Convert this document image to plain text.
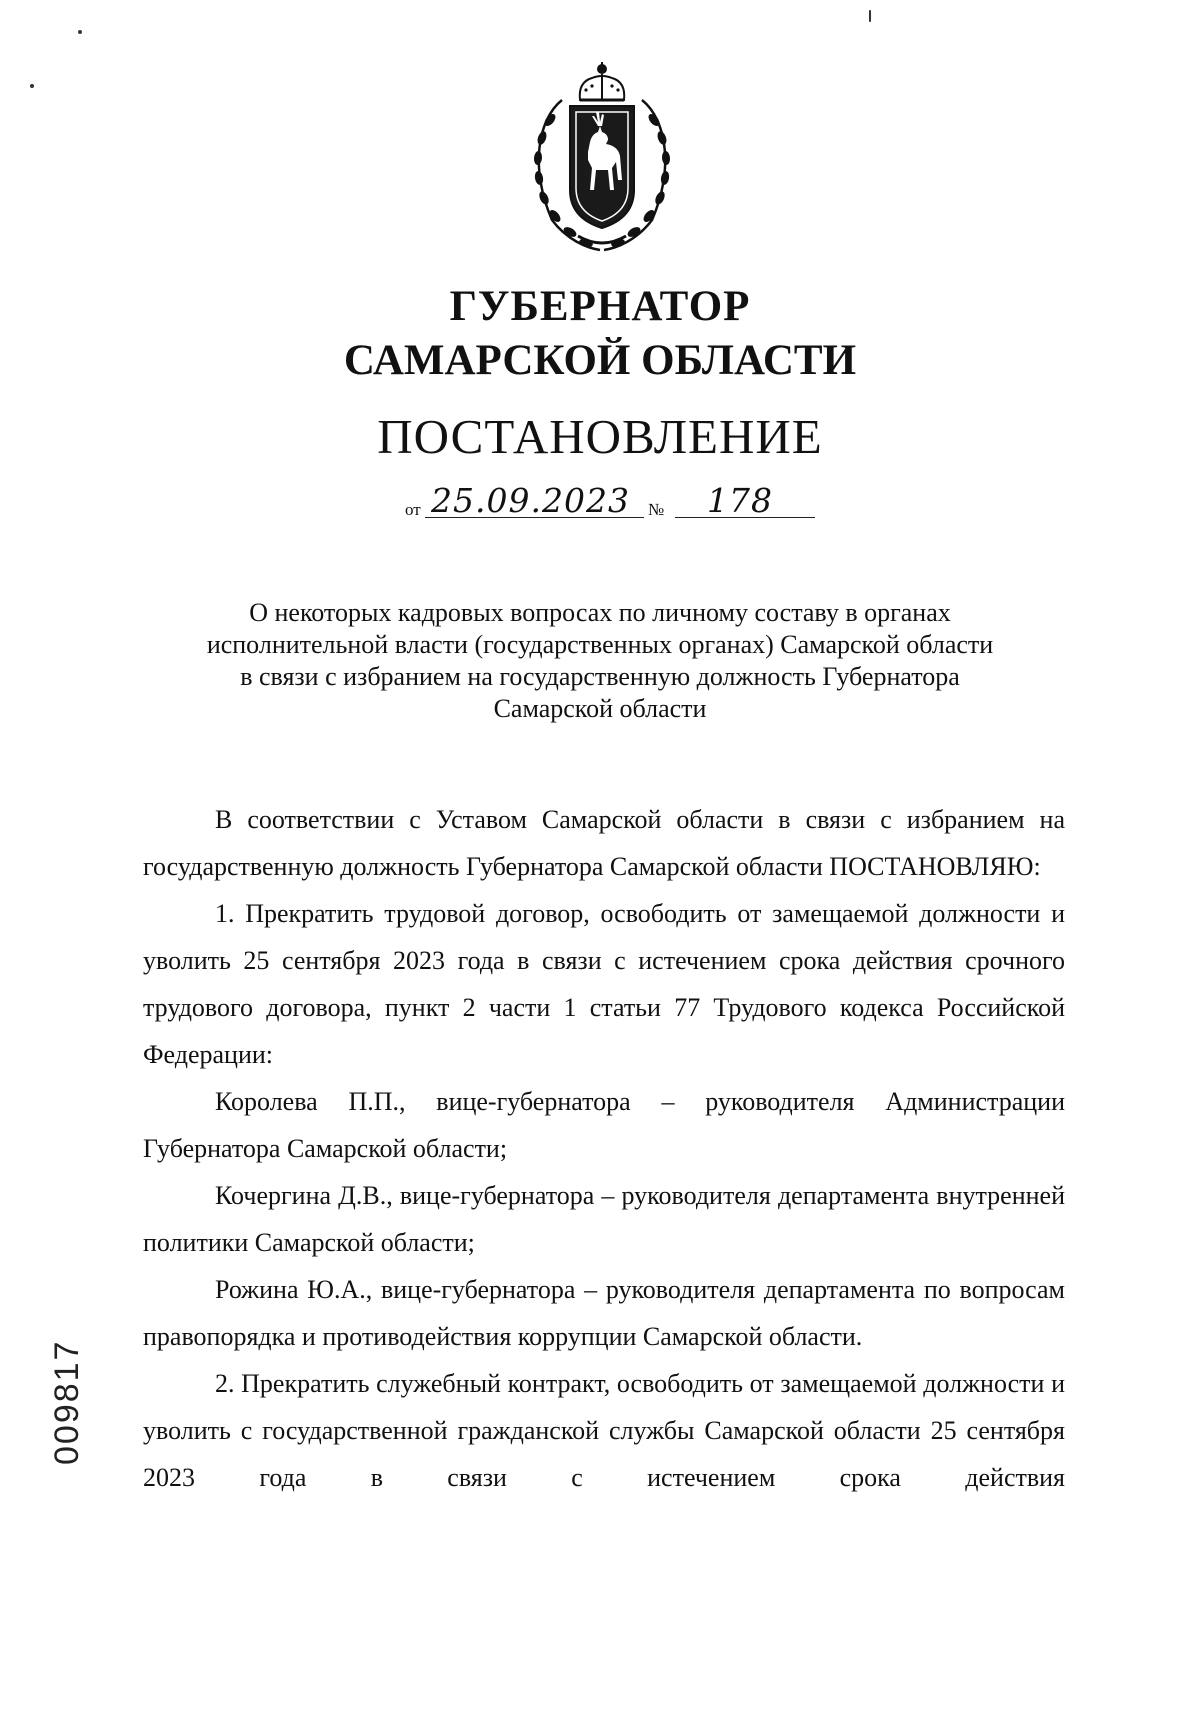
ГУБЕРНАТОР
САМАРСКОЙ ОБЛАСТИ
ПОСТАНОВЛЕНИЕ
от 25.09.2023 № 178
О некоторых кадровых вопросах по личному составу в органах
исполнительной власти (государственных органах) Самарской области
в связи с избранием на государственную должность Губернатора
Самарской области

В соответствии с Уставом Самарской области в связи с избранием на государственную должность Губернатора Самарской области ПОСТАНОВЛЯЮ:

1. Прекратить трудовой договор, освободить от замещаемой должности и уволить 25 сентября 2023 года в связи с истечением срока действия срочного трудового договора, пункт 2 части 1 статьи 77 Трудового кодекса Российской Федерации:

Королева П.П., вице-губернатора – руководителя Администрации Губернатора Самарской области;

Кочергина Д.В., вице-губернатора – руководителя департамента внутренней политики Самарской области;

Рожина Ю.А., вице-губернатора – руководителя департамента по вопросам правопорядка и противодействия коррупции Самарской области.

2. Прекратить служебный контракт, освободить от замещаемой должности и уволить с государственной гражданской службы Самарской области 25 сентября 2023 года в связи с истечением срока действия

009817
